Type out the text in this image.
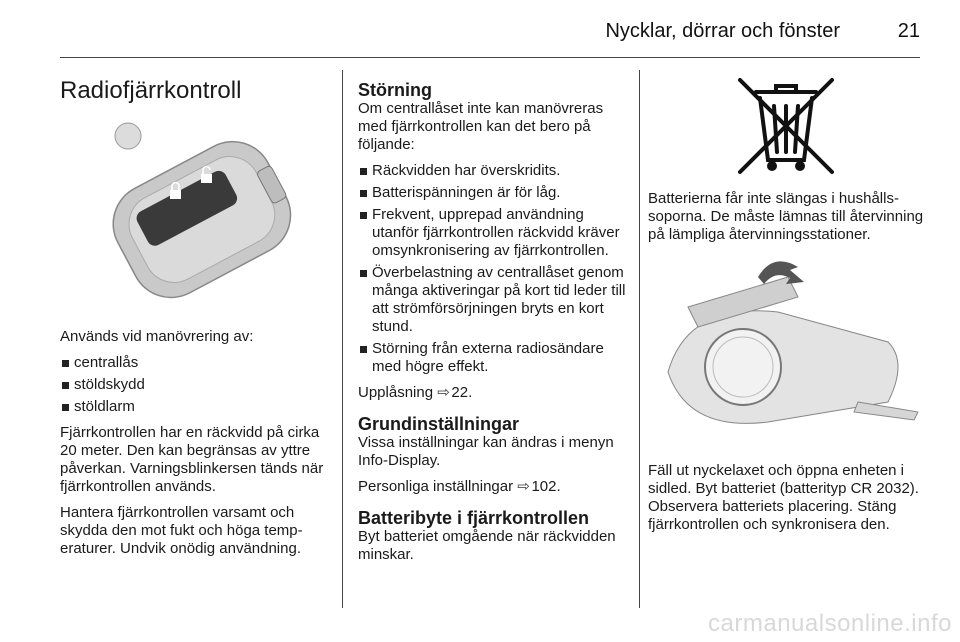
Nycklar, dörrar och fönster	21
Radiofjärrkontroll

Används vid manövrering av:

centrallås
stöldskydd
stöldlarm

Fjärrkontrollen har en räckvidd på cirka 20 meter. Den kan begränsas av yttre påverkan. Varningsblinkersen tänds när fjärrkontrollen används.

Hantera fjärrkontrollen varsamt och skydda den mot fukt och höga temperaturer. Undvik onödig användning.

Störning

Om centrallåset inte kan manövreras med fjärrkontrollen kan det bero på följande:

Räckvidden har överskridits.
Batterispänningen är för låg.
Frekvent, upprepad användning utanför fjärrkontrollen räckvidd kräver omsynkronisering av fjärrkontrollen.
Överbelastning av centrallåset genom många aktiveringar på kort tid leder till att strömförsörjningen bryts en kort stund.
Störning från externa radiosändare med högre effekt.

Upplåsning ⇨ 22.

Grundinställningar

Vissa inställningar kan ändras i menyn Info-Display.

Personliga inställningar ⇨ 102.

Batteribyte i fjärrkontrollen

Byt batteriet omgående när räckvidden minskar.

Batterierna får inte slängas i hushållssoporna. De måste lämnas till återvinning på lämpliga återvinningsstationer.

Fäll ut nyckelaxet och öppna enheten i sidled. Byt batteriet (batterityp CR 2032). Observera batteriets placering. Stäng fjärrkontrollen och synkronisera den.

carmanualsonline.info
